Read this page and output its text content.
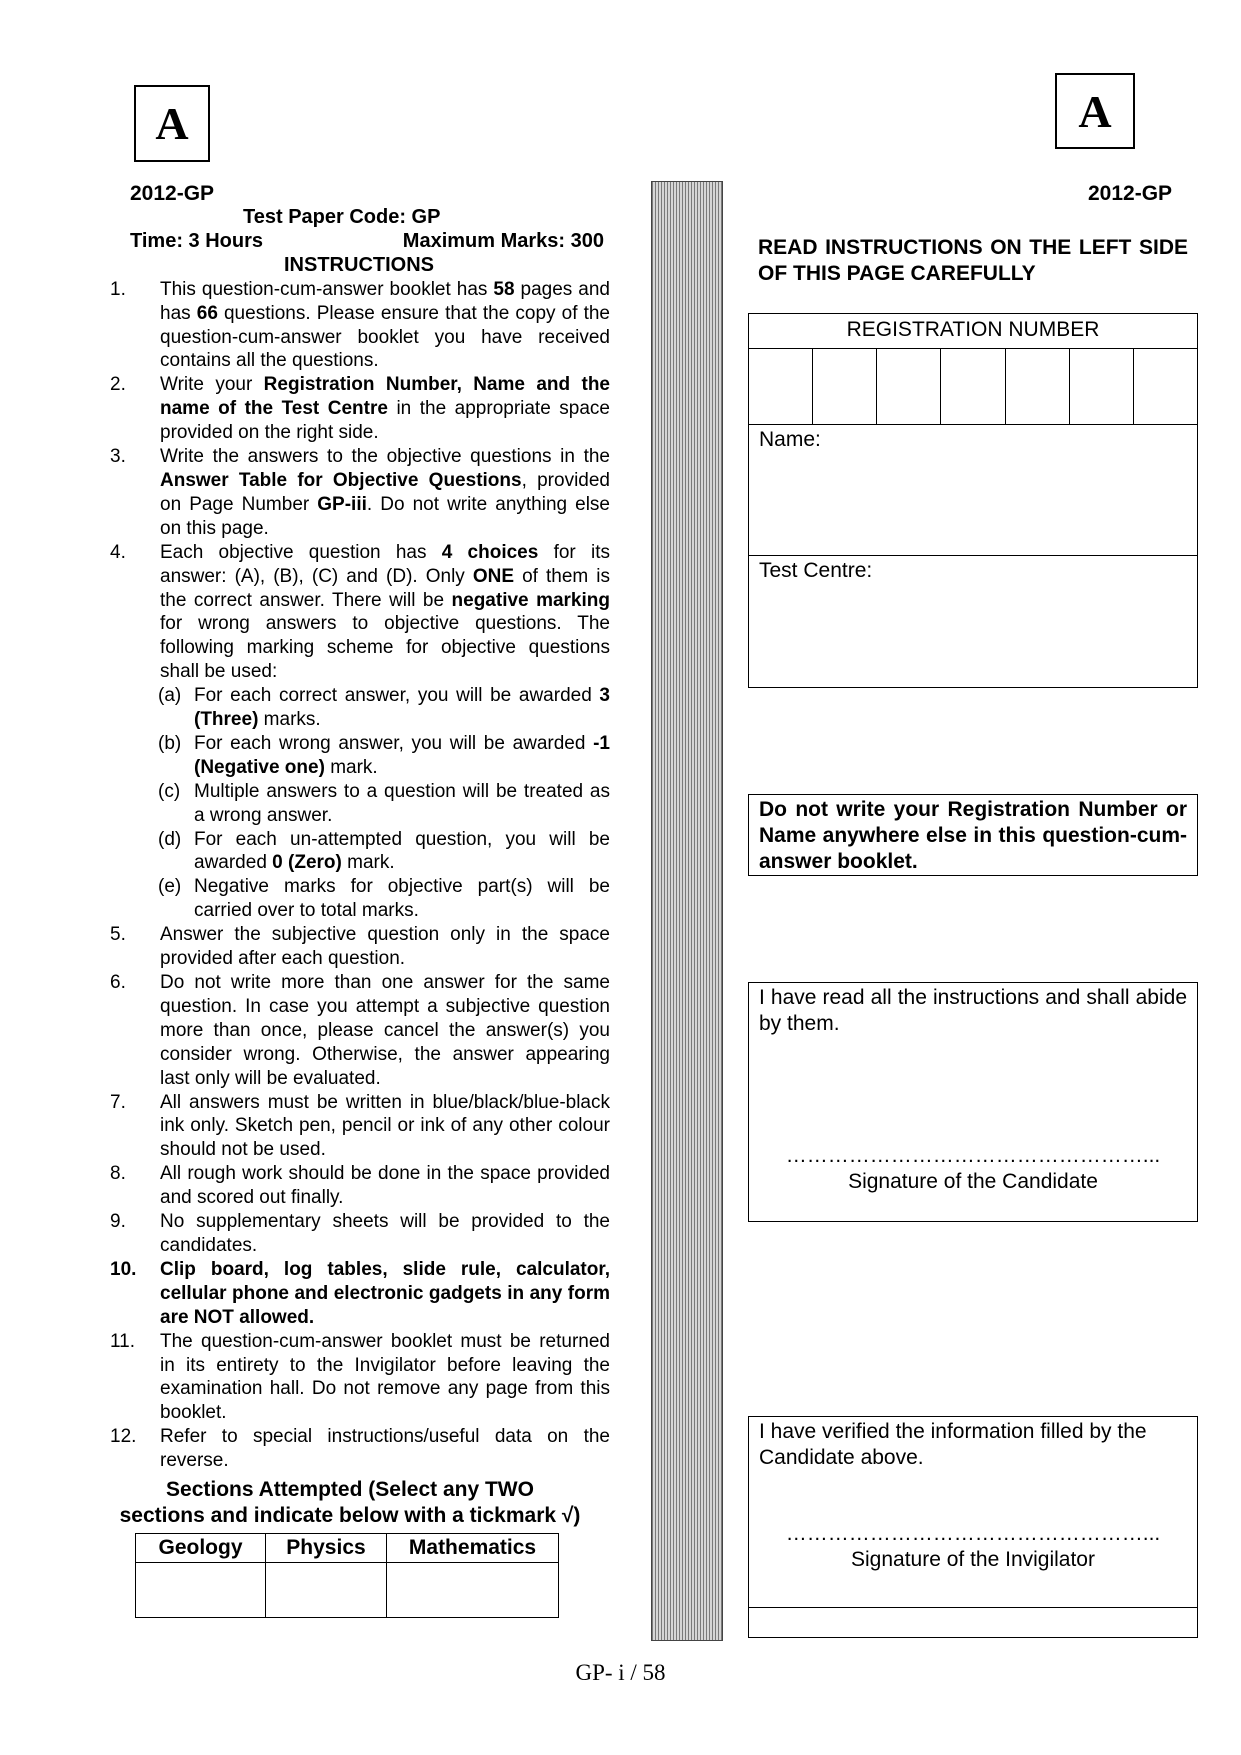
A	A
2012-GP	2012-GP
Test Paper Code: GP
Time: 3 Hours	Maximum Marks: 300
INSTRUCTIONS
1.	This question-cum-answer booklet has 58 pages and has 66 questions. Please ensure that the copy of the question-cum-answer booklet you have received contains all the questions.
2.	Write your Registration Number, Name and the name of the Test Centre in the appropriate space provided on the right side.
3.	Write the answers to the objective questions in the Answer Table for Objective Questions, provided on Page Number GP-iii. Do not write anything else on this page.
4.	Each objective question has 4 choices for its answer: (A), (B), (C) and (D). Only ONE of them is the correct answer. There will be negative marking for wrong answers to objective questions. The following marking scheme for objective questions shall be used:
(a) For each correct answer, you will be awarded 3 (Three) marks.
(b) For each wrong answer, you will be awarded -1 (Negative one) mark.
(c) Multiple answers to a question will be treated as a wrong answer.
(d) For each un-attempted question, you will be awarded 0 (Zero) mark.
(e) Negative marks for objective part(s) will be carried over to total marks.
5.	Answer the subjective question only in the space provided after each question.
6.	Do not write more than one answer for the same question. In case you attempt a subjective question more than once, please cancel the answer(s) you consider wrong. Otherwise, the answer appearing last only will be evaluated.
7.	All answers must be written in blue/black/blue-black ink only. Sketch pen, pencil or ink of any other colour should not be used.
8.	All rough work should be done in the space provided and scored out finally.
9.	No supplementary sheets will be provided to the candidates.
10.	Clip board, log tables, slide rule, calculator, cellular phone and electronic gadgets in any form are NOT allowed.
11.	The question-cum-answer booklet must be returned in its entirety to the Invigilator before leaving the examination hall. Do not remove any page from this booklet.
12.	Refer to special instructions/useful data on the reverse.
Sections Attempted (Select any TWO
sections and indicate below with a tickmark √)
Geology	Physics	Mathematics

READ INSTRUCTIONS ON THE LEFT SIDE OF THIS PAGE CAREFULLY
REGISTRATION NUMBER
Name:
Test Centre:
Do not write your Registration Number or Name anywhere else in this question-cum-answer booklet.
I have read all the instructions and shall abide by them.
……………………………………………...
Signature of the Candidate
I have verified the information filled by the Candidate above.
……………………………………………...
Signature of the Invigilator
GP- i / 58
